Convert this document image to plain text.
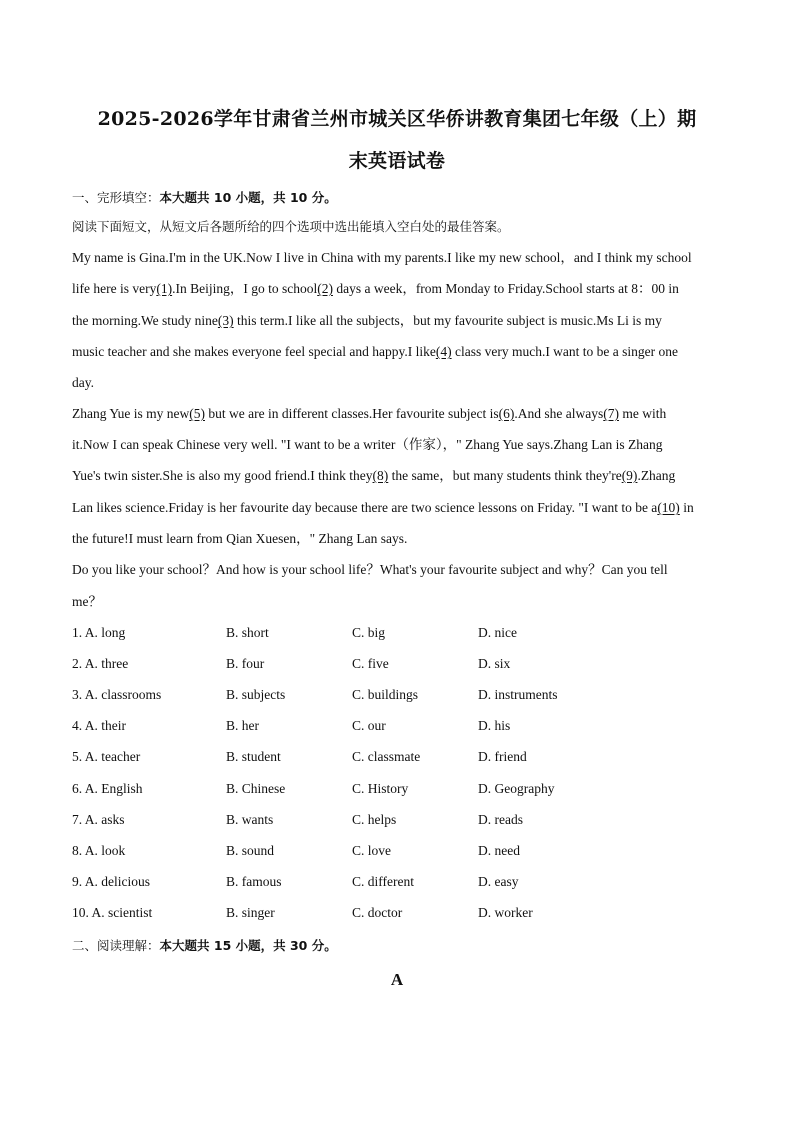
2025-2026学年甘肃省兰州市城关区华侨讲教育集团七年级（上）期
末英语试卷
一、完形填空：本大题共 10 小题，共 10 分。
阅读下面短文，从短文后各题所给的四个选项中选出能填入空白处的最佳答案。
My name is Gina.I'm in the UK.Now I live in China with my parents.I like my new school，and I think my school
life here is very(1).In Beijing，I go to school(2) days a week，from Monday to Friday.School starts at 8：00 in
the morning.We study nine(3) this term.I like all the subjects，but my favourite subject is music.Ms Li is my
music teacher and she makes everyone feel special and happy.I like(4) class very much.I want to be a singer one
day.
Zhang Yue is my new(5) but we are in different classes.Her favourite subject is(6).And she always(7) me with
it.Now I can speak Chinese very well. "I want to be a writer（作家），" Zhang Yue says.Zhang Lan is Zhang
Yue's twin sister.She is also my good friend.I think they(8) the same，but many students think they're(9).Zhang
Lan likes science.Friday is her favourite day because there are two science lessons on Friday. "I want to be a(10) in
the future!I must learn from Qian Xuesen，" Zhang Lan says.
Do you like your school？And how is your school life？What's your favourite subject and why？Can you tell
me？
1. A. long	B. short	C. big	D. nice
2. A. three	B. four	C. five	D. six
3. A. classrooms	B. subjects	C. buildings	D. instruments
4. A. their	B. her	C. our	D. his
5. A. teacher	B. student	C. classmate	D. friend
6. A. English	B. Chinese	C. History	D. Geography
7. A. asks	B. wants	C. helps	D. reads
8. A. look	B. sound	C. love	D. need
9. A. delicious	B. famous	C. different	D. easy
10. A. scientist	B. singer	C. doctor	D. worker
二、阅读理解：本大题共 15 小题，共 30 分。
A
